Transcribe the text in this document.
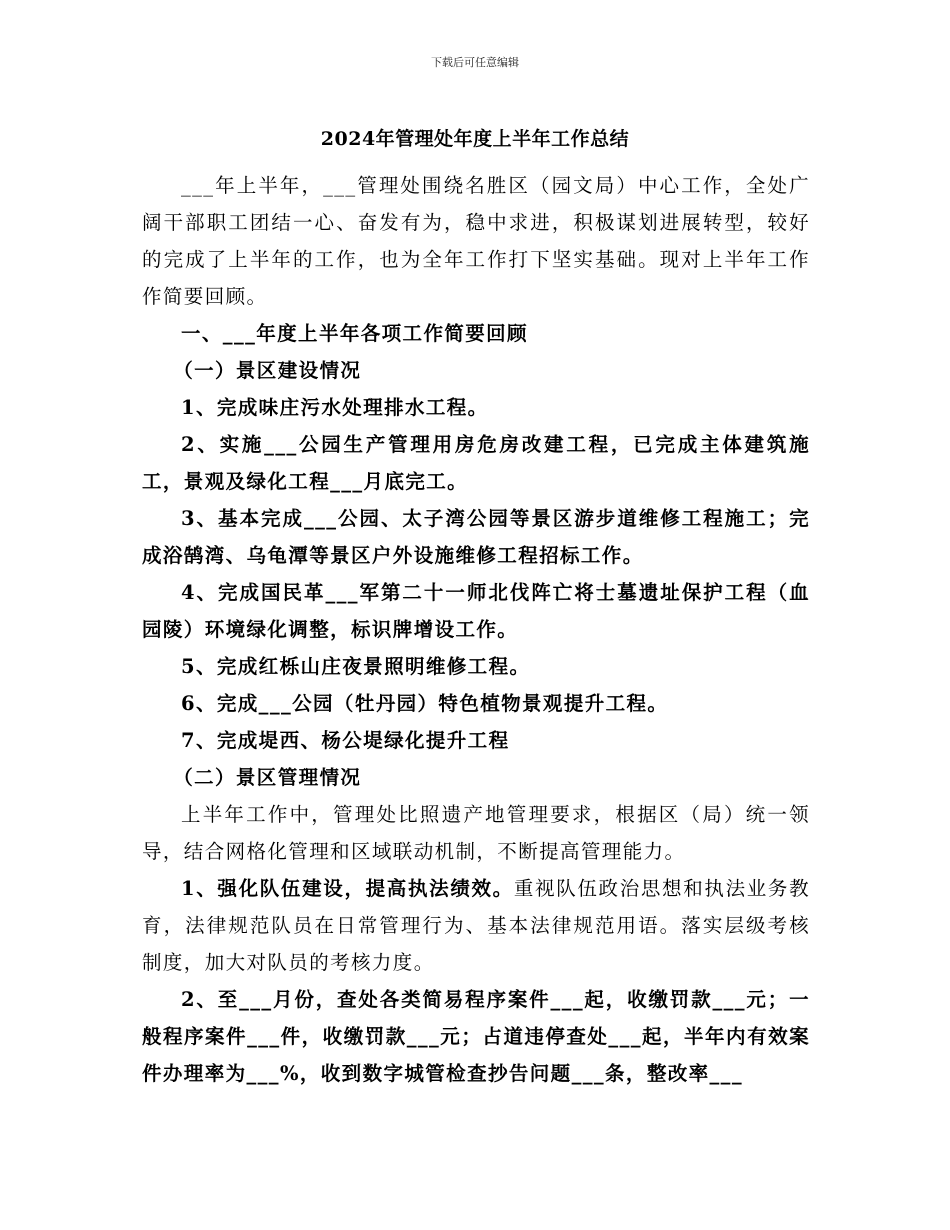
下载后可任意编辑
2024年管理处年度上半年工作总结

___年上半年，___管理处围绕名胜区（园文局）中心工作，全处广阔干部职工团结一心、奋发有为，稳中求进，积极谋划进展转型，较好的完成了上半年的工作，也为全年工作打下坚实基础。现对上半年工作作简要回顾。

一、___年度上半年各项工作简要回顾

（一）景区建设情况

1、完成味庄污水处理排水工程。

2、实施___公园生产管理用房危房改建工程，已完成主体建筑施工，景观及绿化工程___月底完工。

3、基本完成___公园、太子湾公园等景区游步道维修工程施工；完成浴鹄湾、乌龟潭等景区户外设施维修工程招标工作。

4、完成国民革___军第二十一师北伐阵亡将士墓遗址保护工程（血园陵）环境绿化调整，标识牌增设工作。

5、完成红栎山庄夜景照明维修工程。

6、完成___公园（牡丹园）特色植物景观提升工程。

7、完成堤西、杨公堤绿化提升工程

（二）景区管理情况

上半年工作中，管理处比照遗产地管理要求，根据区（局）统一领导，结合网格化管理和区域联动机制，不断提高管理能力。

1、强化队伍建设，提高执法绩效。重视队伍政治思想和执法业务教育，法律规范队员在日常管理行为、基本法律规范用语。落实层级考核制度，加大对队员的考核力度。

2、至___月份，查处各类简易程序案件___起，收缴罚款___元；一般程序案件___件，收缴罚款___元；占道违停查处___起，半年内有效案件办理率为___%，收到数字城管检查抄告问题___条，整改率___
